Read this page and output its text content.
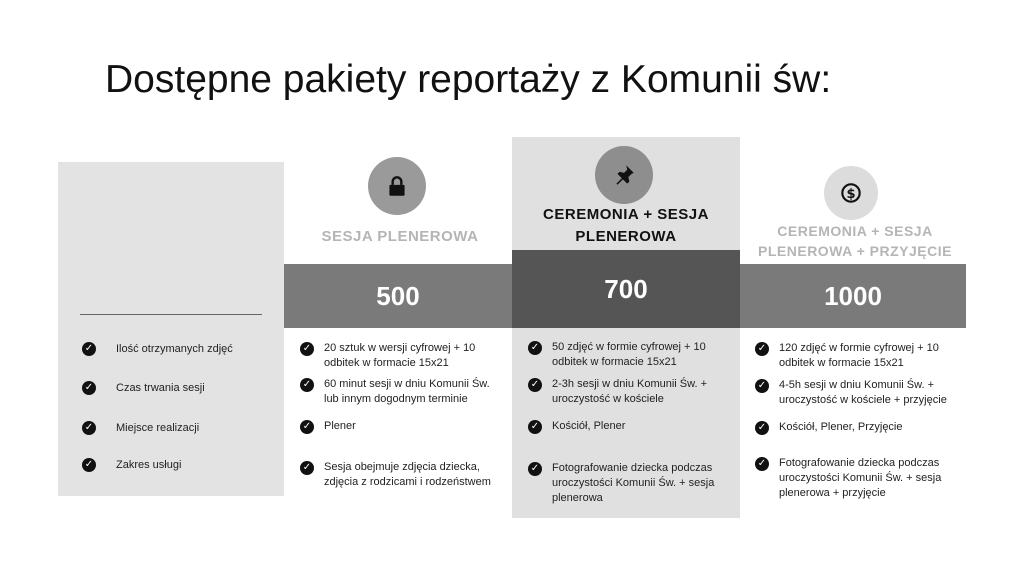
Dostępne pakiety reportaży z Komunii św:
✓ Ilość otrzymanych zdjęć
✓ Czas trwania sesji
✓ Miejsce realizacji
✓ Zakres usługi
SESJA PLENEROWA
500
CEREMONIA + SESJA PLENEROWA
700
$
CEREMONIA + SESJA PLENEROWA + PRZYJĘCIE
1000
✓ 20 sztuk w wersji cyfrowej + 10 odbitek w formacie 15x21
✓ 60 minut sesji w dniu Komunii Św. lub innym dogodnym terminie
✓ Plener
✓ Sesja obejmuje zdjęcia dziecka, zdjęcia z rodzicami i rodzeństwem
✓ 50 zdjęć w formie cyfrowej + 10 odbitek w formacie 15x21
✓ 2-3h sesji w dniu Komunii Św. + uroczystość w kościele
✓ Kościół, Plener
✓ Fotografowanie dziecka podczas uroczystości Komunii Św. + sesja plenerowa
✓ 120 zdjęć w formie cyfrowej + 10 odbitek w formacie 15x21
✓ 4-5h sesji w dniu Komunii Św. + uroczystość w kościele + przyjęcie
✓ Kościół, Plener, Przyjęcie
✓ Fotografowanie dziecka podczas uroczystości Komunii Św. + sesja plenerowa + przyjęcie
